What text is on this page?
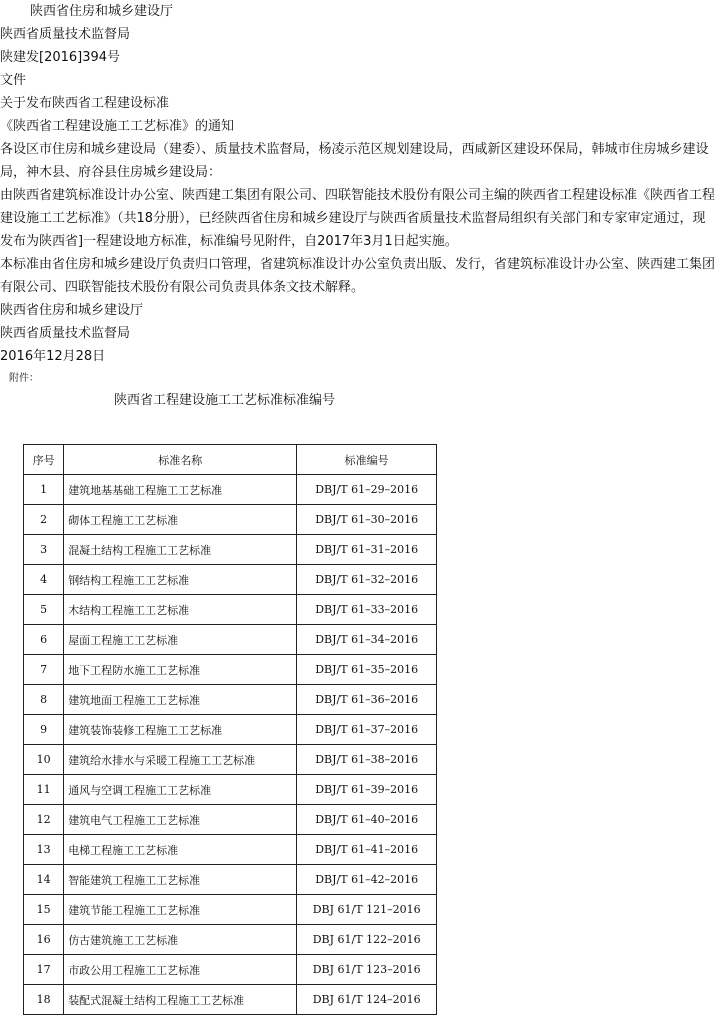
陕西省住房和城乡建设厅
陕西省质量技术监督局
陕建发[2016]394号
文件
关于发布陕西省工程建设标准
《陕西省工程建设施工工艺标准》的通知
各设区市住房和城乡建设局（建委）、质量技术监督局，杨凌示范区规划建设局，西咸新区建设环保局，韩城市住房城乡建设局，神木县、府谷县住房城乡建设局：
由陕西省建筑标准设计办公室、陕西建工集团有限公司、四联智能技术股份有限公司主编的陕西省工程建设标准《陕西省工程建设施工工艺标准》（共18分册），已经陕西省住房和城乡建设厅与陕西省质量技术监督局组织有关部门和专家审定通过，现发布为陕西省]一程建设地方标准，标准编号见附件，自2017年3月1日起实施。
本标准由省住房和城乡建设厅负责归口管理，省建筑标准设计办公室负责出版、发行，省建筑标准设计办公室、陕西建工集团有限公司、四联智能技术股份有限公司负责具体条文技术解释。
陕西省住房和城乡建设厅
陕西省质量技术监督局
2016年12月28日
附件：
陕西省工程建设施工工艺标准标准编号
序号	标准名称	标准编号
1	建筑地基基础工程施工工艺标准	DBJ/T 61–29–2016
2	砌体工程施工工艺标准	DBJ/T 61–30–2016
3	混凝土结构工程施工工艺标准	DBJ/T 61–31–2016
4	钢结构工程施工工艺标准	DBJ/T 61–32–2016
5	木结构工程施工工艺标准	DBJ/T 61–33–2016
6	屋面工程施工工艺标准	DBJ/T 61–34–2016
7	地下工程防水施工工艺标准	DBJ/T 61–35–2016
8	建筑地面工程施工工艺标准	DBJ/T 61–36–2016
9	建筑装饰装修工程施工工艺标准	DBJ/T 61–37–2016
10	建筑给水排水与采暖工程施工工艺标准	DBJ/T 61–38–2016
11	通风与空调工程施工工艺标准	DBJ/T 61–39–2016
12	建筑电气工程施工工艺标准	DBJ/T 61–40–2016
13	电梯工程施工工艺标准	DBJ/T 61–41–2016
14	智能建筑工程施工工艺标准	DBJ/T 61–42–2016
15	建筑节能工程施工工艺标准	DBJ 61/T 121–2016
16	仿古建筑施工工艺标准	DBJ 61/T 122–2016
17	市政公用工程施工工艺标准	DBJ 61/T 123–2016
18	装配式混凝土结构工程施工工艺标准	DBJ 61/T 124–2016
